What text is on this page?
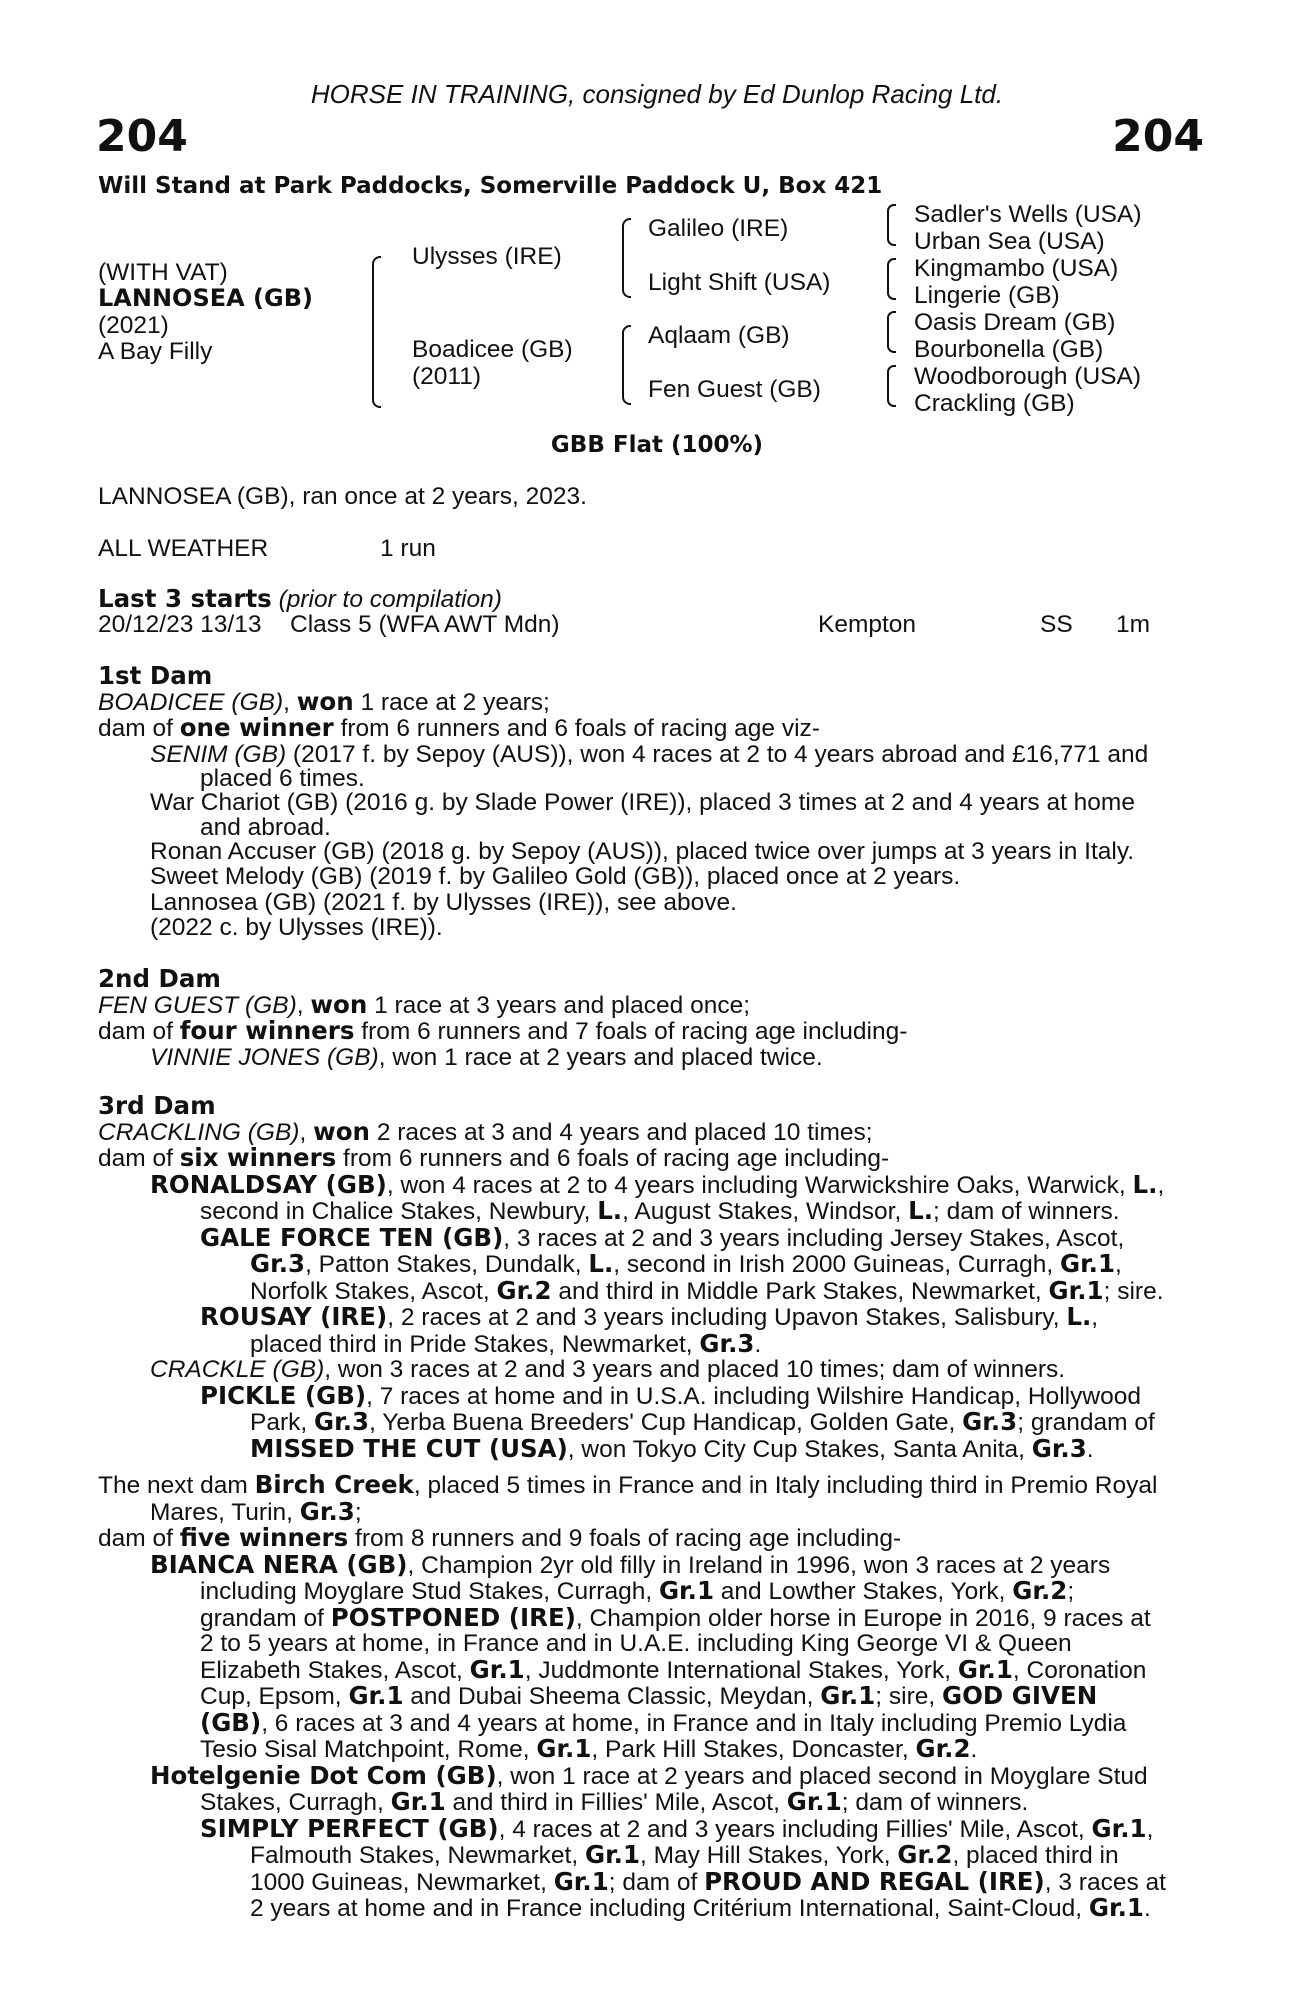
HORSE IN TRAINING, consigned by Ed Dunlop Racing Ltd.
204	204
Will Stand at Park Paddocks, Somerville Paddock U, Box 421
(WITH VAT)
LANNOSEA (GB)
(2021)
A Bay Filly
Ulysses (IRE)
Boadicee (GB)
(2011)
Galileo (IRE)
Light Shift (USA)
Aqlaam (GB)
Fen Guest (GB)
Sadler's Wells (USA)
Urban Sea (USA)
Kingmambo (USA)
Lingerie (GB)
Oasis Dream (GB)
Bourbonella (GB)
Woodborough (USA)
Crackling (GB)
GBB Flat (100%)
LANNOSEA (GB), ran once at 2 years, 2023.
ALL WEATHER	1 run
Last 3 starts (prior to compilation)
20/12/23 13/13 Class 5 (WFA AWT Mdn)	Kempton	SS 1m
1st Dam
BOADICEE (GB), won 1 race at 2 years;
dam of one winner from 6 runners and 6 foals of racing age viz-
SENIM (GB) (2017 f. by Sepoy (AUS)), won 4 races at 2 to 4 years abroad and £16,771 and
placed 6 times.
War Chariot (GB) (2016 g. by Slade Power (IRE)), placed 3 times at 2 and 4 years at home
and abroad.
Ronan Accuser (GB) (2018 g. by Sepoy (AUS)), placed twice over jumps at 3 years in Italy.
Sweet Melody (GB) (2019 f. by Galileo Gold (GB)), placed once at 2 years.
Lannosea (GB) (2021 f. by Ulysses (IRE)), see above.
(2022 c. by Ulysses (IRE)).
2nd Dam
FEN GUEST (GB), won 1 race at 3 years and placed once;
dam of four winners from 6 runners and 7 foals of racing age including-
VINNIE JONES (GB), won 1 race at 2 years and placed twice.
3rd Dam
CRACKLING (GB), won 2 races at 3 and 4 years and placed 10 times;
dam of six winners from 6 runners and 6 foals of racing age including-
RONALDSAY (GB), won 4 races at 2 to 4 years including Warwickshire Oaks, Warwick, L.,
second in Chalice Stakes, Newbury, L., August Stakes, Windsor, L.; dam of winners.
GALE FORCE TEN (GB), 3 races at 2 and 3 years including Jersey Stakes, Ascot,
Gr.3, Patton Stakes, Dundalk, L., second in Irish 2000 Guineas, Curragh, Gr.1,
Norfolk Stakes, Ascot, Gr.2 and third in Middle Park Stakes, Newmarket, Gr.1; sire.
ROUSAY (IRE), 2 races at 2 and 3 years including Upavon Stakes, Salisbury, L.,
placed third in Pride Stakes, Newmarket, Gr.3.
CRACKLE (GB), won 3 races at 2 and 3 years and placed 10 times; dam of winners.
PICKLE (GB), 7 races at home and in U.S.A. including Wilshire Handicap, Hollywood
Park, Gr.3, Yerba Buena Breeders' Cup Handicap, Golden Gate, Gr.3; grandam of
MISSED THE CUT (USA), won Tokyo City Cup Stakes, Santa Anita, Gr.3.
The next dam Birch Creek, placed 5 times in France and in Italy including third in Premio Royal
Mares, Turin, Gr.3;
dam of five winners from 8 runners and 9 foals of racing age including-
BIANCA NERA (GB), Champion 2yr old filly in Ireland in 1996, won 3 races at 2 years
including Moyglare Stud Stakes, Curragh, Gr.1 and Lowther Stakes, York, Gr.2;
grandam of POSTPONED (IRE), Champion older horse in Europe in 2016, 9 races at
2 to 5 years at home, in France and in U.A.E. including King George VI & Queen
Elizabeth Stakes, Ascot, Gr.1, Juddmonte International Stakes, York, Gr.1, Coronation
Cup, Epsom, Gr.1 and Dubai Sheema Classic, Meydan, Gr.1; sire, GOD GIVEN
(GB), 6 races at 3 and 4 years at home, in France and in Italy including Premio Lydia
Tesio Sisal Matchpoint, Rome, Gr.1, Park Hill Stakes, Doncaster, Gr.2.
Hotelgenie Dot Com (GB), won 1 race at 2 years and placed second in Moyglare Stud
Stakes, Curragh, Gr.1 and third in Fillies' Mile, Ascot, Gr.1; dam of winners.
SIMPLY PERFECT (GB), 4 races at 2 and 3 years including Fillies' Mile, Ascot, Gr.1,
Falmouth Stakes, Newmarket, Gr.1, May Hill Stakes, York, Gr.2, placed third in
1000 Guineas, Newmarket, Gr.1; dam of PROUD AND REGAL (IRE), 3 races at
2 years at home and in France including Critérium International, Saint-Cloud, Gr.1.
